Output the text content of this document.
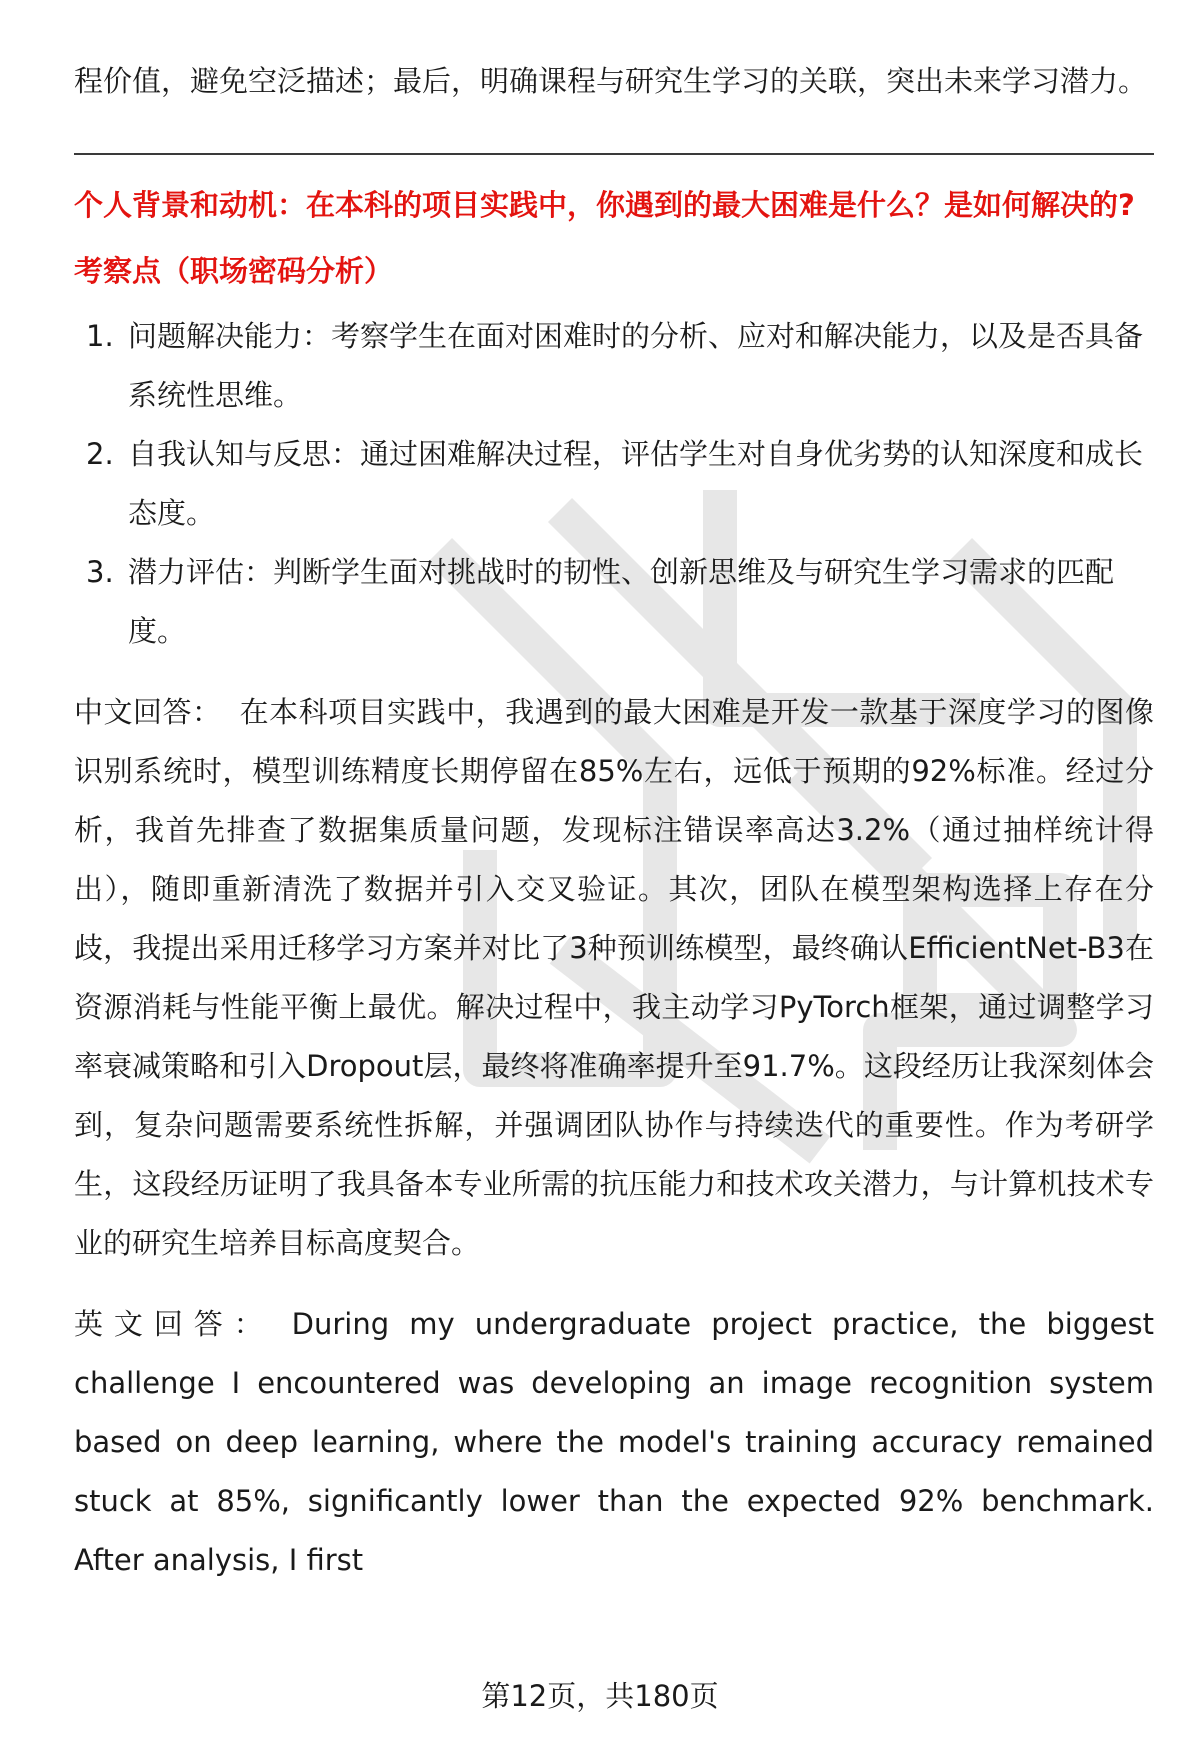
程价值，避免空泛描述；最后，明确课程与研究生学习的关联，突出未来学习潜力。

个人背景和动机：在本科的项目实践中，你遇到的最大困难是什么？是如何解决的?

考察点（职场密码分析）

1. 问题解决能力：考察学生在面对困难时的分析、应对和解决能力，以及是否具备系统性思维。
2. 自我认知与反思：通过困难解决过程，评估学生对自身优劣势的认知深度和成长态度。
3. 潜力评估：判断学生面对挑战时的韧性、创新思维及与研究生学习需求的匹配度。

中文回答： 在本科项目实践中，我遇到的最大困难是开发一款基于深度学习的图像识别系统时，模型训练精度长期停留在85%左右，远低于预期的92%标准。经过分析，我首先排查了数据集质量问题，发现标注错误率高达3.2%（通过抽样统计得出），随即重新清洗了数据并引入交叉验证。其次，团队在模型架构选择上存在分歧，我提出采用迁移学习方案并对比了3种预训练模型，最终确认EfficientNet-B3在资源消耗与性能平衡上最优。解决过程中，我主动学习PyTorch框架，通过调整学习率衰减策略和引入Dropout层，最终将准确率提升至91.7%。这段经历让我深刻体会到，复杂问题需要系统性拆解，并强调团队协作与持续迭代的重要性。作为考研学生，这段经历证明了我具备本专业所需的抗压能力和技术攻关潜力，与计算机技术专业的研究生培养目标高度契合。

英文回答： During my undergraduate project practice, the biggest challenge I encountered was developing an image recognition system based on deep learning, where the model's training accuracy remained stuck at 85%, significantly lower than the expected 92% benchmark. After analysis, I first

第12页，共180页
